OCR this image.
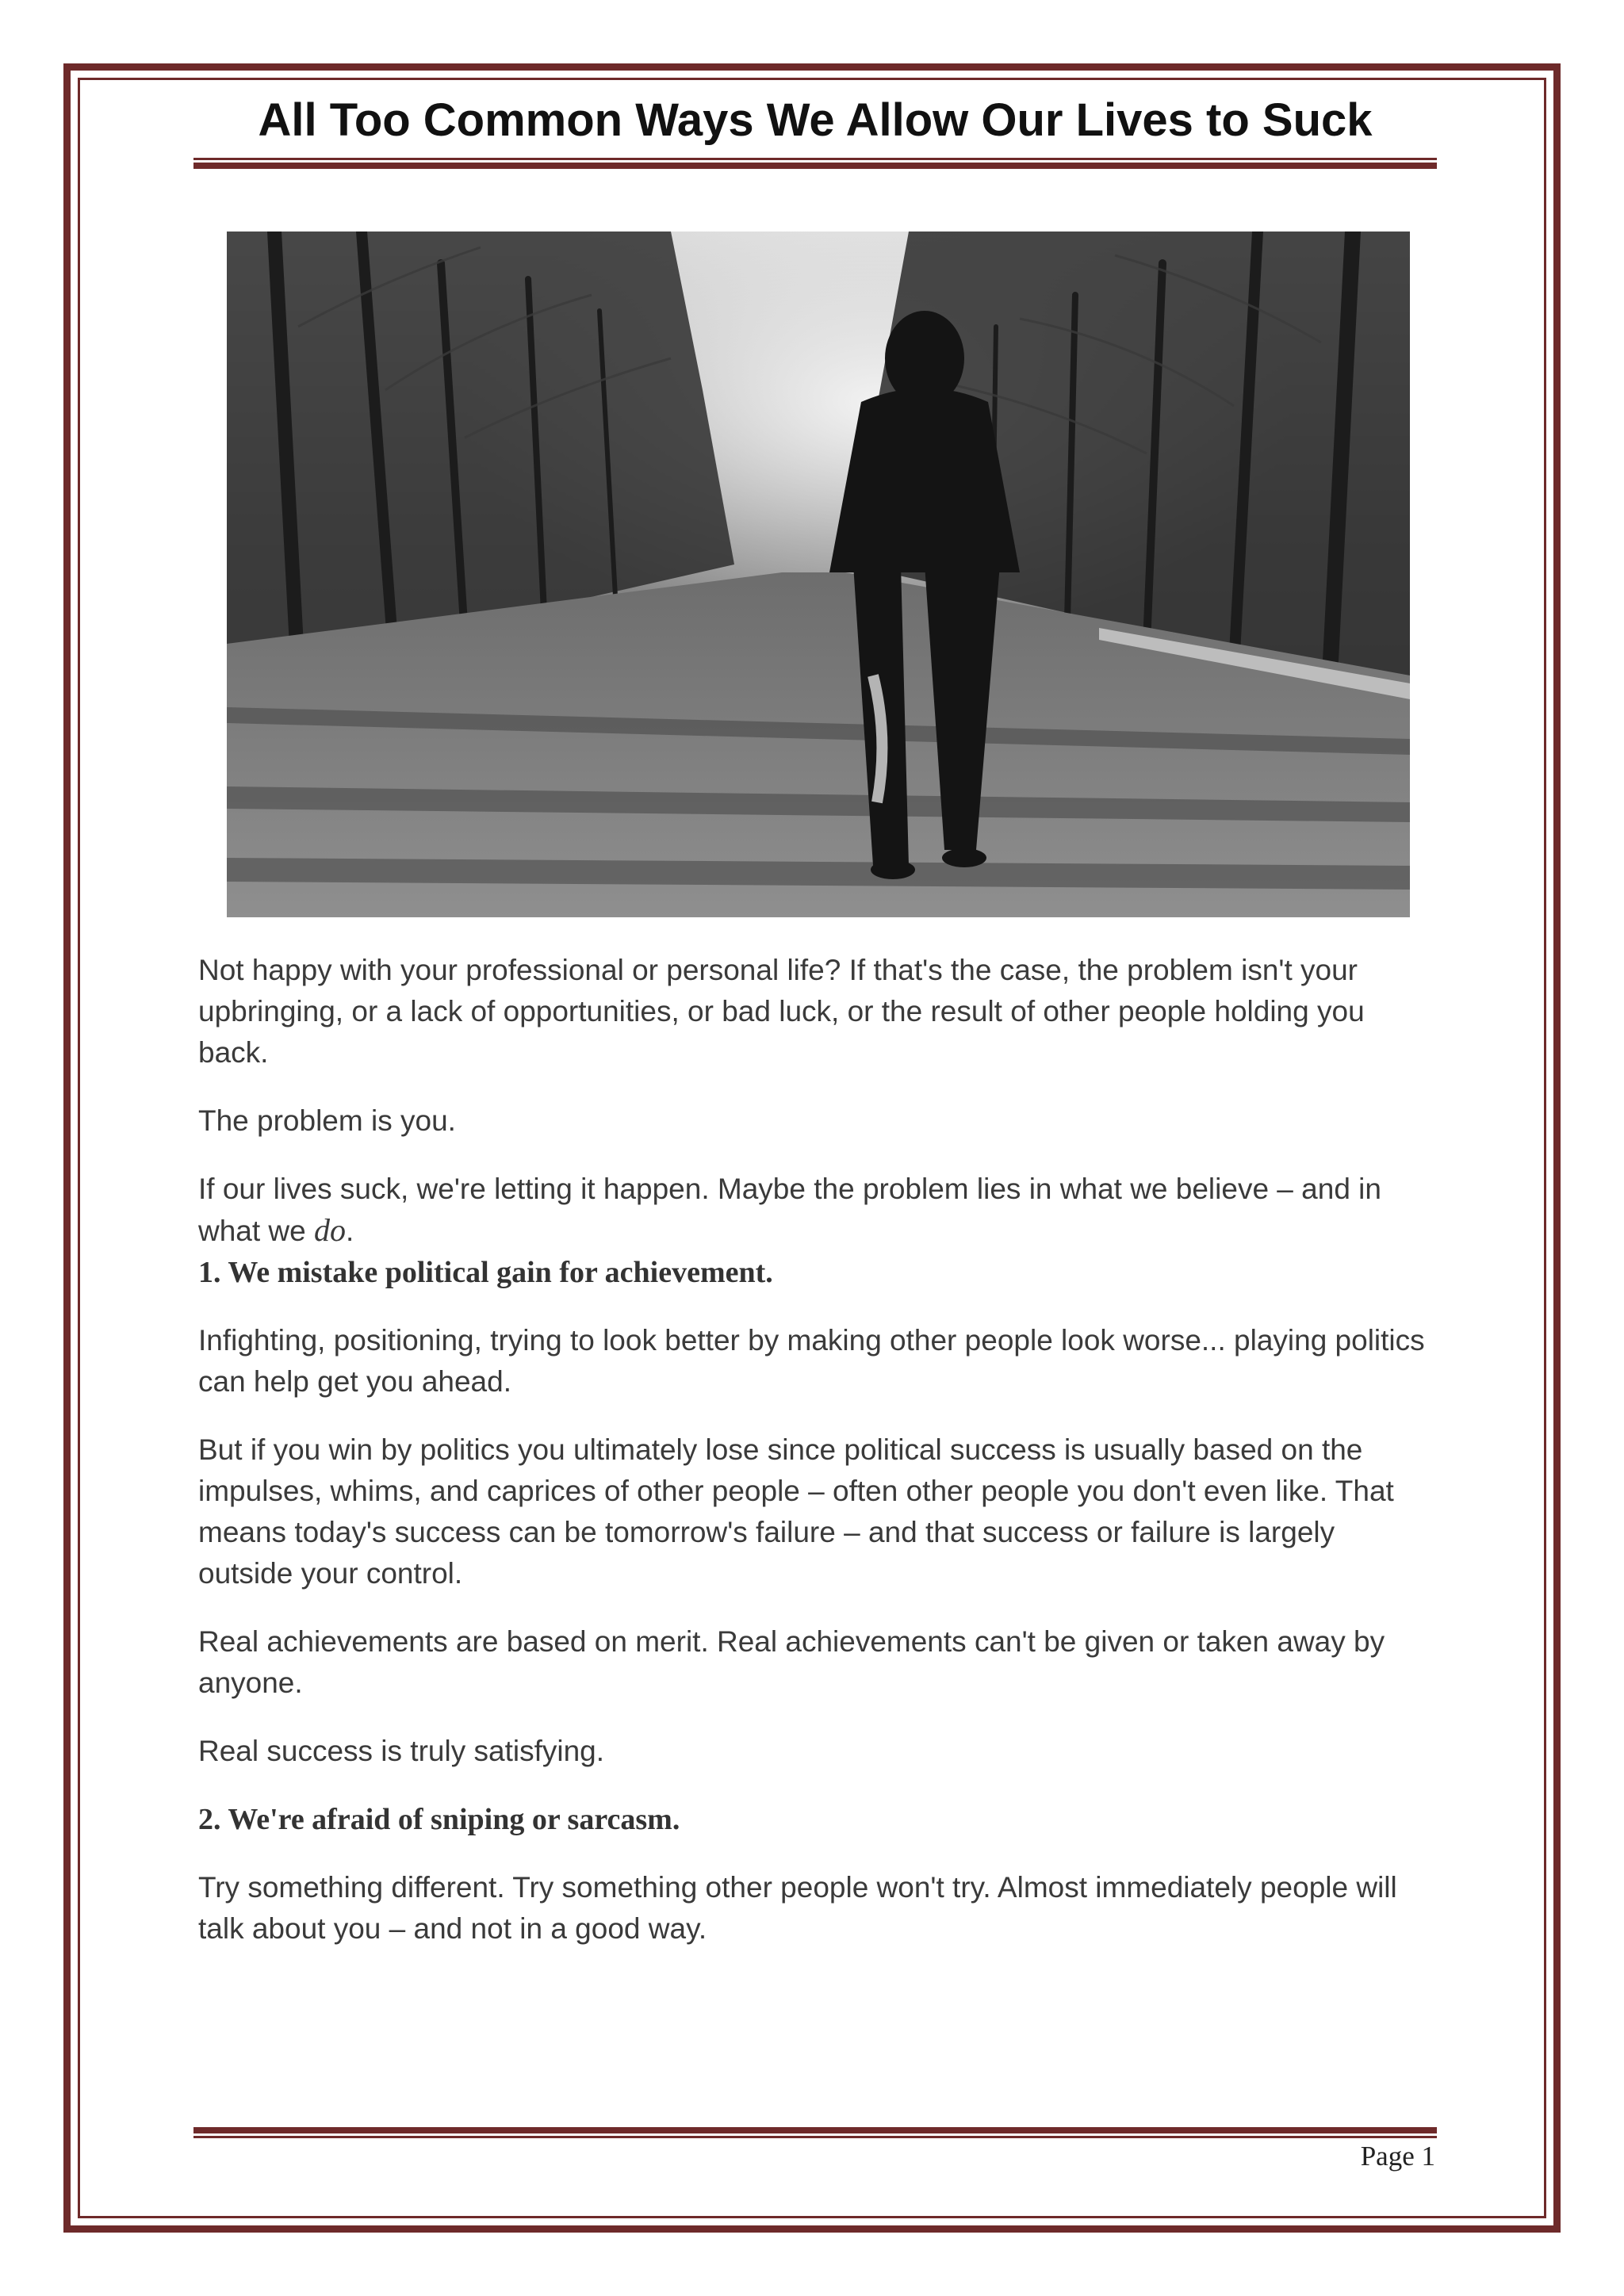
All Too Common Ways We Allow Our Lives to Suck

Not happy with your professional or personal life? If that's the case, the problem isn't your upbringing, or a lack of opportunities, or bad luck, or the result of other people holding you back.

The problem is you.

If our lives suck, we're letting it happen. Maybe the problem lies in what we believe – and in what we do.

1. We mistake political gain for achievement.

Infighting, positioning, trying to look better by making other people look worse... playing politics can help get you ahead.

But if you win by politics you ultimately lose since political success is usually based on the impulses, whims, and caprices of other people – often other people you don't even like. That means today's success can be tomorrow's failure – and that success or failure is largely outside your control.

Real achievements are based on merit. Real achievements can't be given or taken away by anyone.

Real success is truly satisfying.

2. We're afraid of sniping or sarcasm.

Try something different. Try something other people won't try. Almost immediately people will talk about you – and not in a good way.

Page 1
